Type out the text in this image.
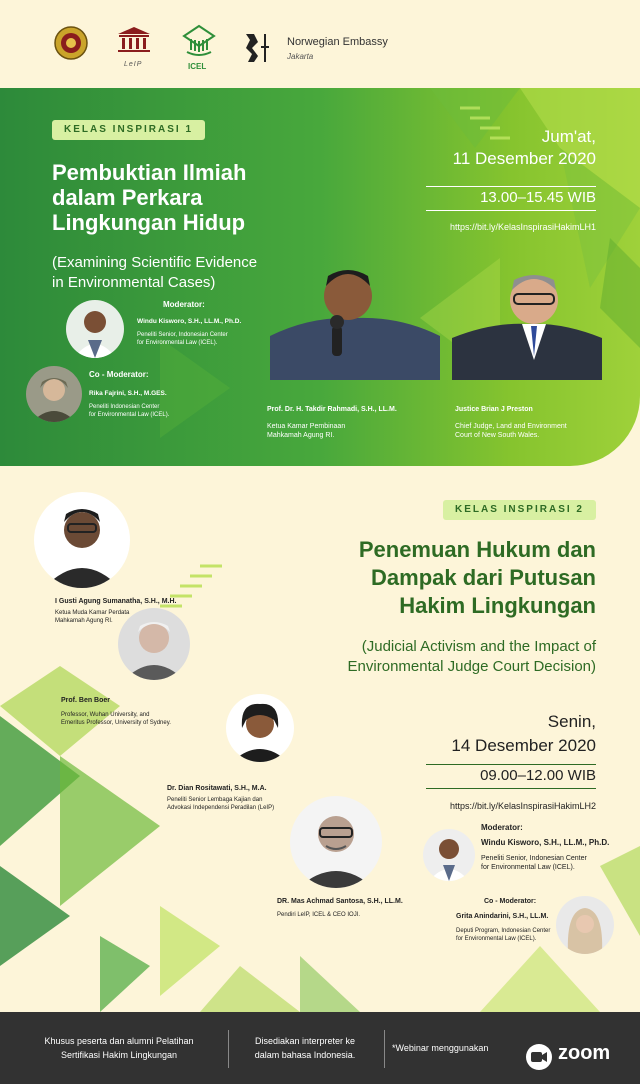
LeIP	ICEL
Norwegian Embassy
Jakarta
KELAS INSPIRASI 1
Pembuktian Ilmiah
dalam Perkara
Lingkungan Hidup
(Examining Scientific Evidence
in Environmental Cases)
Jum'at,
11 Desember 2020
13.00–15.45 WIB
https://bit.ly/KelasInspirasiHakimLH1
Moderator:
Windu Kisworo, S.H., LL.M., Ph.D.
Peneliti Senior, Indonesian Center
for Environmental Law (ICEL).
Co - Moderator:
Rika Fajrini, S.H., M.GES.
Peneliti Indonesian Center
for Environmental Law (ICEL).
Prof. Dr. H. Takdir Rahmadi, S.H., LL.M.
Ketua Kamar Pembinaan
Mahkamah Agung RI.
Justice Brian J Preston
Chief Judge, Land and Environment
Court of New South Wales.
KELAS INSPIRASI 2
Penemuan Hukum dan
Dampak dari Putusan
Hakim Lingkungan
(Judicial Activism and the Impact of
Environmental Judge Court Decision)
Senin,
14 Desember 2020
09.00–12.00 WIB
https://bit.ly/KelasInspirasiHakimLH2
I Gusti Agung Sumanatha, S.H., M.H.
Ketua Muda Kamar Perdata
Mahkamah Agung RI.
Prof. Ben Boer
Professor, Wuhan University, and
Emeritus Professor, University of Sydney.
Dr. Dian Rositawati, S.H., M.A.
Peneliti Senior Lembaga Kajian dan
Advokasi Independensi Peradilan (LeIP)
DR. Mas Achmad Santosa, S.H., LL.M.
Pendiri LeIP, ICEL & CEO IOJI.
Moderator:
Windu Kisworo, S.H., LL.M., Ph.D.
Peneliti Senior, Indonesian Center
for Environmental Law (ICEL).
Co - Moderator:
Grita Anindarini, S.H., LL.M.
Deputi Program, Indonesian Center
for Environmental Law (ICEL).
Khusus peserta dan alumni Pelatihan
Sertifikasi Hakim Lingkungan
Disediakan interpreter ke
dalam bahasa Indonesia.
*Webinar menggunakan	zoom
